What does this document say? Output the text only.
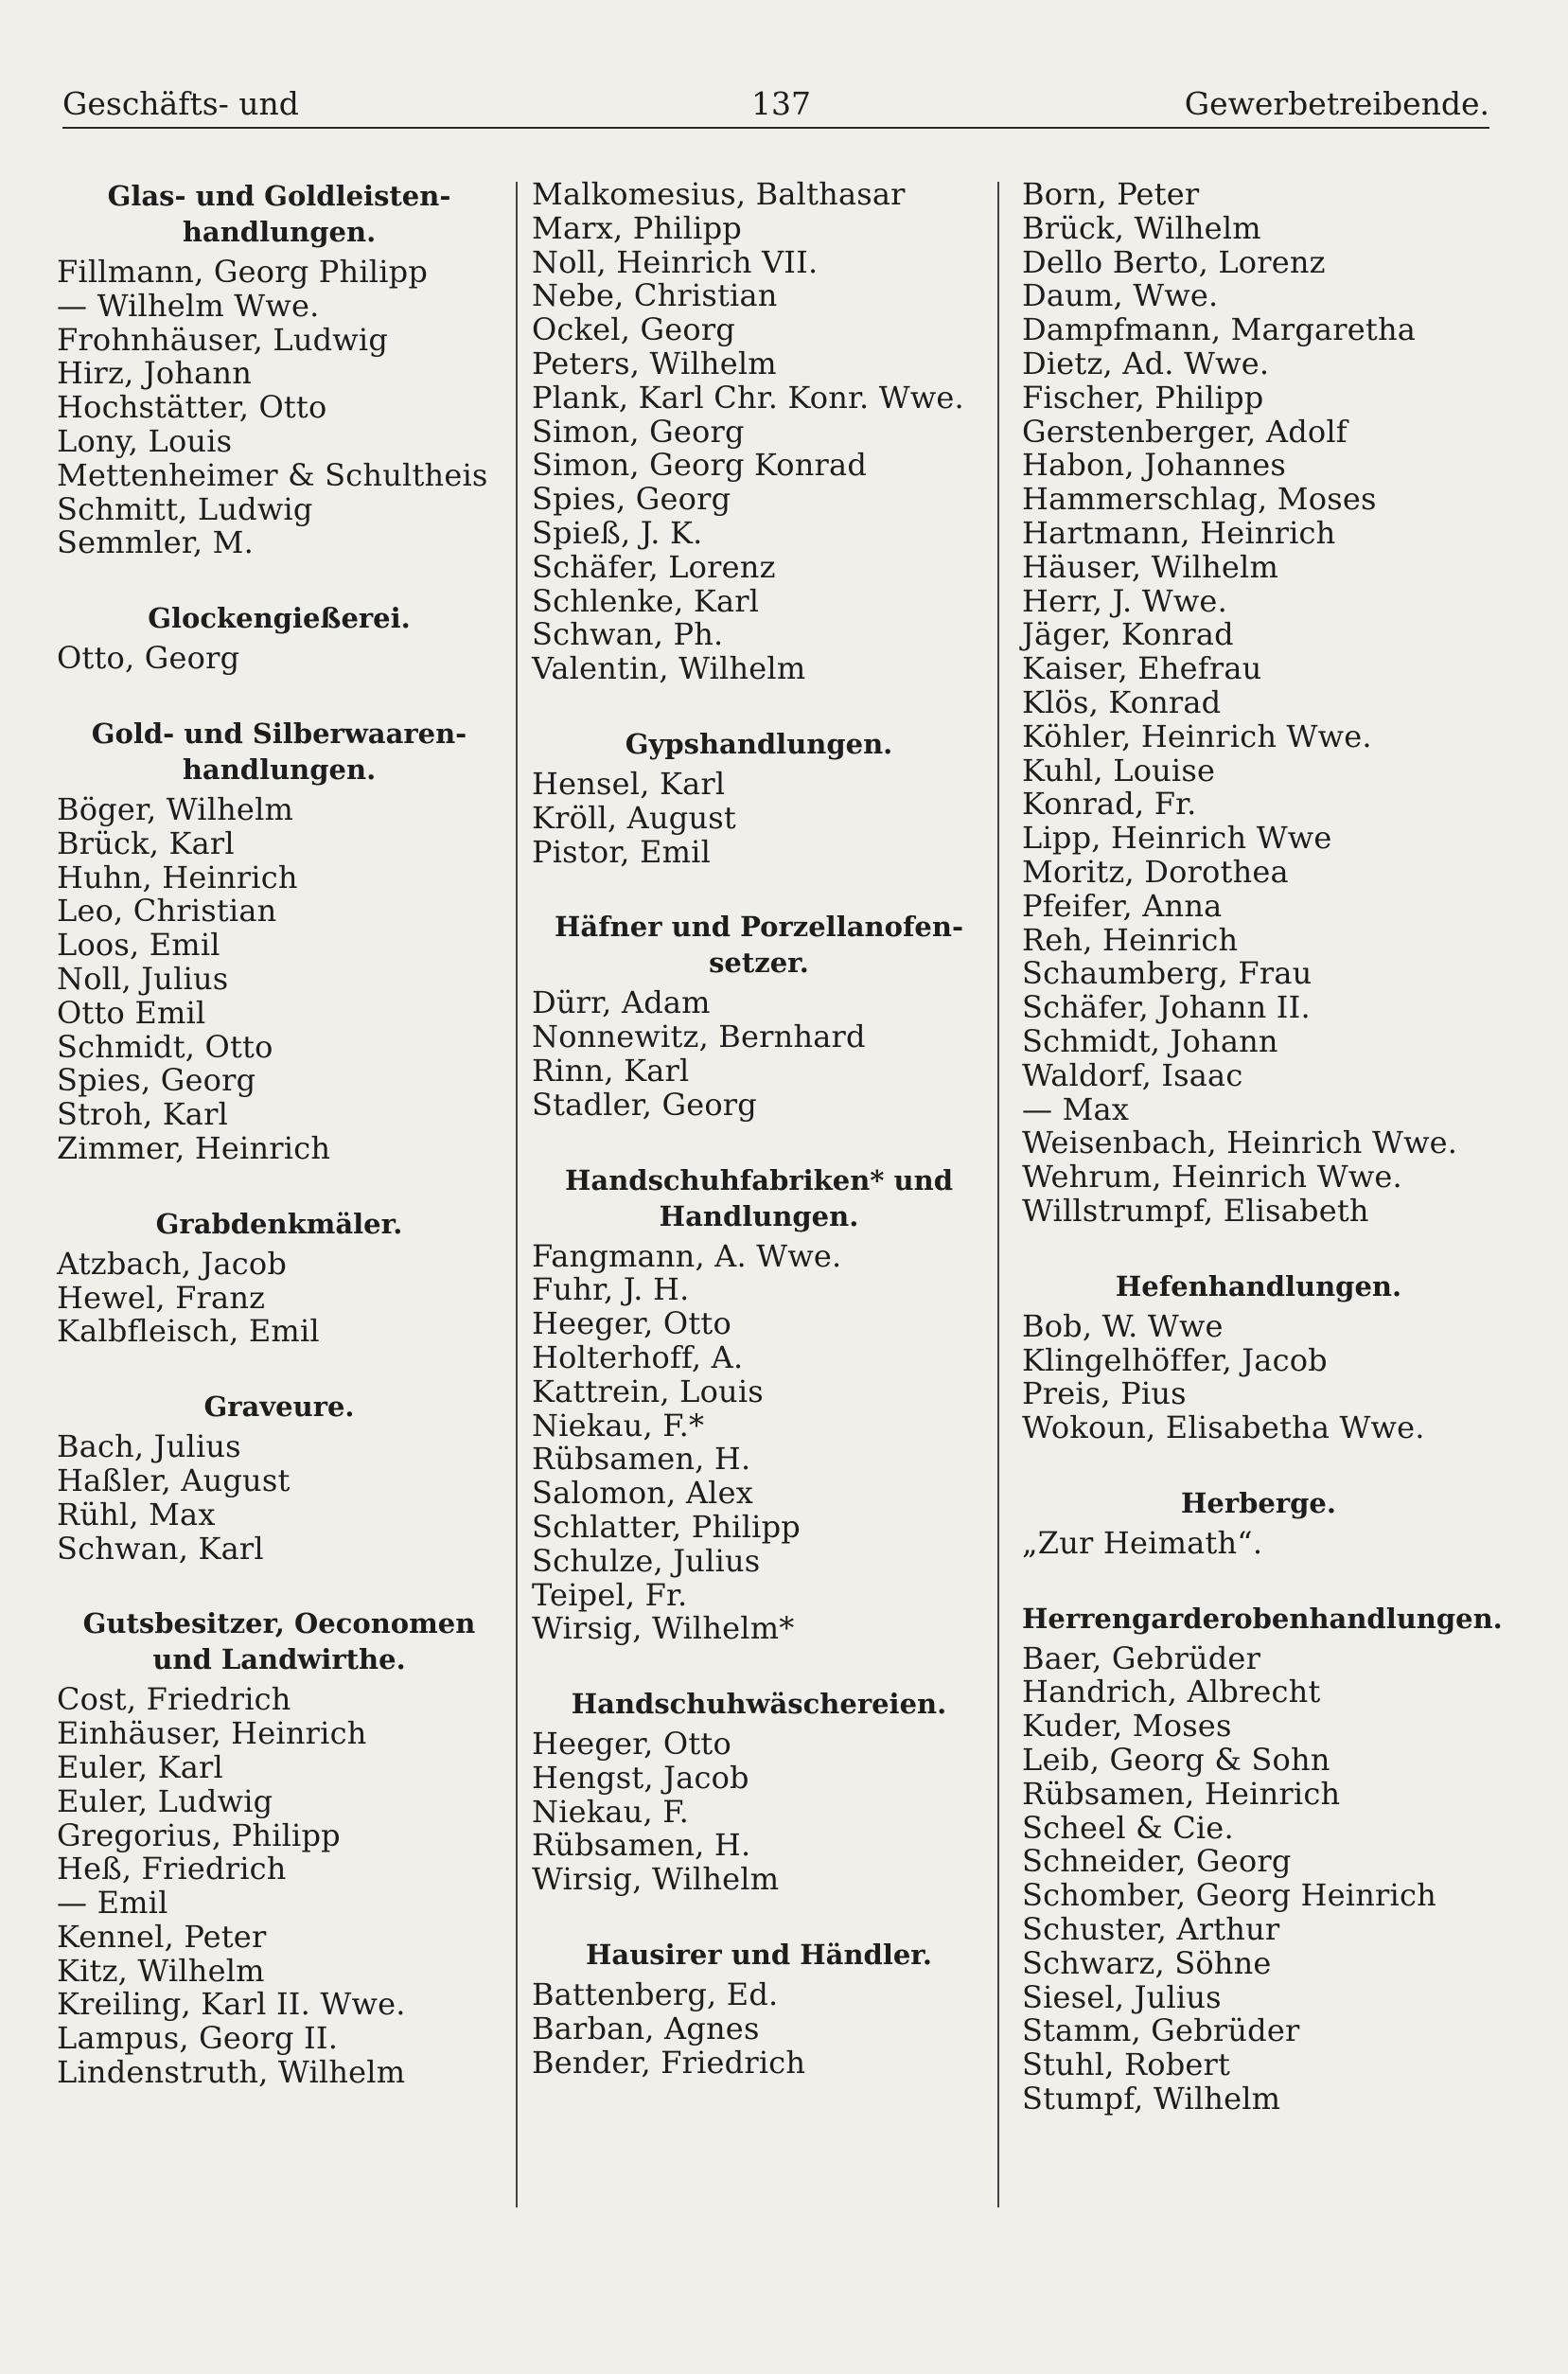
Geschäfts- und	137	Gewerbetreibende.
Glas- und Goldleisten-handlungen.
Fillmann, Georg Philipp
— Wilhelm Wwe.
Frohnhäuser, Ludwig
Hirz, Johann
Hochstätter, Otto
Lony, Louis
Mettenheimer & Schultheis
Schmitt, Ludwig
Semmler, M.
Glockengießerei.
Otto, Georg
Gold- und Silberwaaren-handlungen.
Böger, Wilhelm
Brück, Karl
Huhn, Heinrich
Leo, Christian
Loos, Emil
Noll, Julius
Otto Emil
Schmidt, Otto
Spies, Georg
Stroh, Karl
Zimmer, Heinrich
Grabdenkmäler.
Atzbach, Jacob
Hewel, Franz
Kalbfleisch, Emil
Graveure.
Bach, Julius
Haßler, August
Rühl, Max
Schwan, Karl
Gutsbesitzer, Oeconomen und Landwirthe.
Cost, Friedrich
Einhäuser, Heinrich
Euler, Karl
Euler, Ludwig
Gregorius, Philipp
Heß, Friedrich
— Emil
Kennel, Peter
Kitz, Wilhelm
Kreiling, Karl II. Wwe.
Lampus, Georg II.
Lindenstruth, Wilhelm
Malkomesius, Balthasar
Marx, Philipp
Noll, Heinrich VII.
Nebe, Christian
Ockel, Georg
Peters, Wilhelm
Plank, Karl Chr. Konr. Wwe.
Simon, Georg
Simon, Georg Konrad
Spies, Georg
Spieß, J. K.
Schäfer, Lorenz
Schlenke, Karl
Schwan, Ph.
Valentin, Wilhelm
Gypshandlungen.
Hensel, Karl
Kröll, August
Pistor, Emil
Häfner und Porzellanofen-setzer.
Dürr, Adam
Nonnewitz, Bernhard
Rinn, Karl
Stadler, Georg
Handschuhfabriken* und Handlungen.
Fangmann, A. Wwe.
Fuhr, J. H.
Heeger, Otto
Holterhoff, A.
Kattrein, Louis
Niekau, F.*
Rübsamen, H.
Salomon, Alex
Schlatter, Philipp
Schulze, Julius
Teipel, Fr.
Wirsig, Wilhelm*
Handschuhwäschereien.
Heeger, Otto
Hengst, Jacob
Niekau, F.
Rübsamen, H.
Wirsig, Wilhelm
Hausirer und Händler.
Battenberg, Ed.
Barban, Agnes
Bender, Friedrich
Born, Peter
Brück, Wilhelm
Dello Berto, Lorenz
Daum, Wwe.
Dampfmann, Margaretha
Dietz, Ad. Wwe.
Fischer, Philipp
Gerstenberger, Adolf
Habon, Johannes
Hammerschlag, Moses
Hartmann, Heinrich
Häuser, Wilhelm
Herr, J. Wwe.
Jäger, Konrad
Kaiser, Ehefrau
Klös, Konrad
Köhler, Heinrich Wwe.
Kuhl, Louise
Konrad, Fr.
Lipp, Heinrich Wwe
Moritz, Dorothea
Pfeifer, Anna
Reh, Heinrich
Schaumberg, Frau
Schäfer, Johann II.
Schmidt, Johann
Waldorf, Isaac
— Max
Weisenbach, Heinrich Wwe.
Wehrum, Heinrich Wwe.
Willstrumpf, Elisabeth
Hefenhandlungen.
Bob, W. Wwe
Klingelhöffer, Jacob
Preis, Pius
Wokoun, Elisabetha Wwe.
Herberge.
„Zur Heimath“.
Herrengarderobenhandlungen.
Baer, Gebrüder
Handrich, Albrecht
Kuder, Moses
Leib, Georg & Sohn
Rübsamen, Heinrich
Scheel & Cie.
Schneider, Georg
Schomber, Georg Heinrich
Schuster, Arthur
Schwarz, Söhne
Siesel, Julius
Stamm, Gebrüder
Stuhl, Robert
Stumpf, Wilhelm
